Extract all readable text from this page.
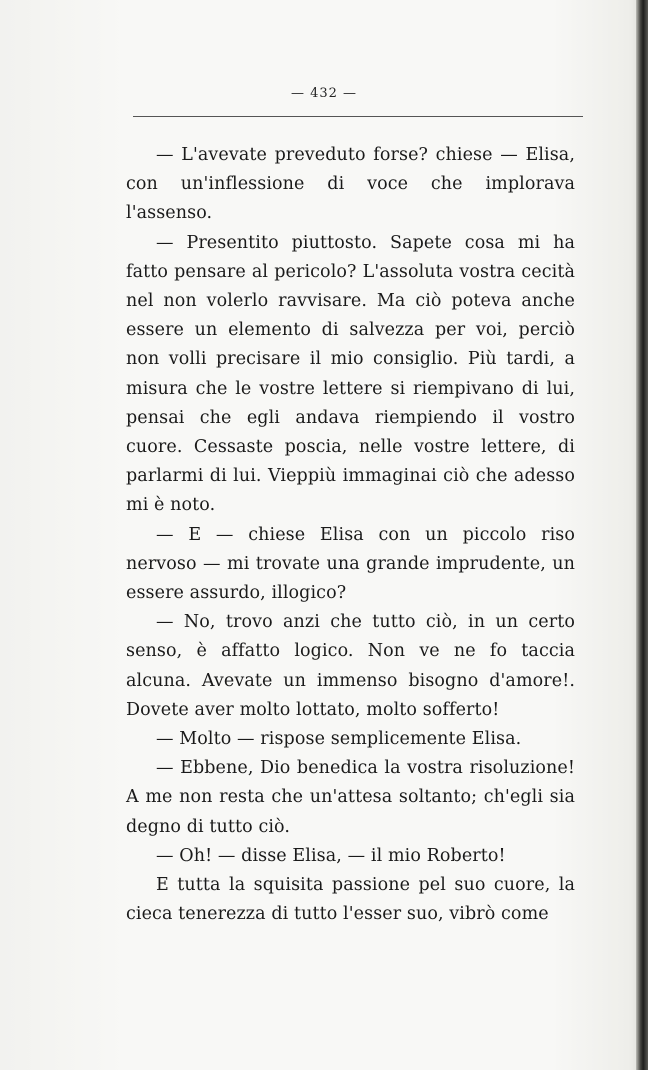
— 432 —

— L'avevate preveduto forse? chiese — Elisa, con un'inflessione di voce che implorava l'assenso.

— Presentito piuttosto. Sapete cosa mi ha fatto pensare al pericolo? L'assoluta vostra cecità nel non volerlo ravvisare. Ma ciò poteva anche essere un elemento di salvezza per voi, perciò non volli precisare il mio consiglio. Più tardi, a misura che le vostre lettere si riempivano di lui, pensai che egli andava riempiendo il vostro cuore. Cessaste poscia, nelle vostre lettere, di parlarmi di lui. Vieppiù immaginai ciò che adesso mi è noto.

— E — chiese Elisa con un piccolo riso nervoso — mi trovate una grande imprudente, un essere assurdo, illogico?

— No, trovo anzi che tutto ciò, in un certo senso, è affatto logico. Non ve ne fo taccia alcuna. Avevate un immenso bisogno d'amore!. Dovete aver molto lottato, molto sofferto!

— Molto — rispose semplicemente Elisa.

— Ebbene, Dio benedica la vostra risoluzione! A me non resta che un'attesa soltanto; ch'egli sia degno di tutto ciò.

— Oh! — disse Elisa, — il mio Roberto!

E tutta la squisita passione pel suo cuore, la cieca tenerezza di tutto l'esser suo, vibrò come
